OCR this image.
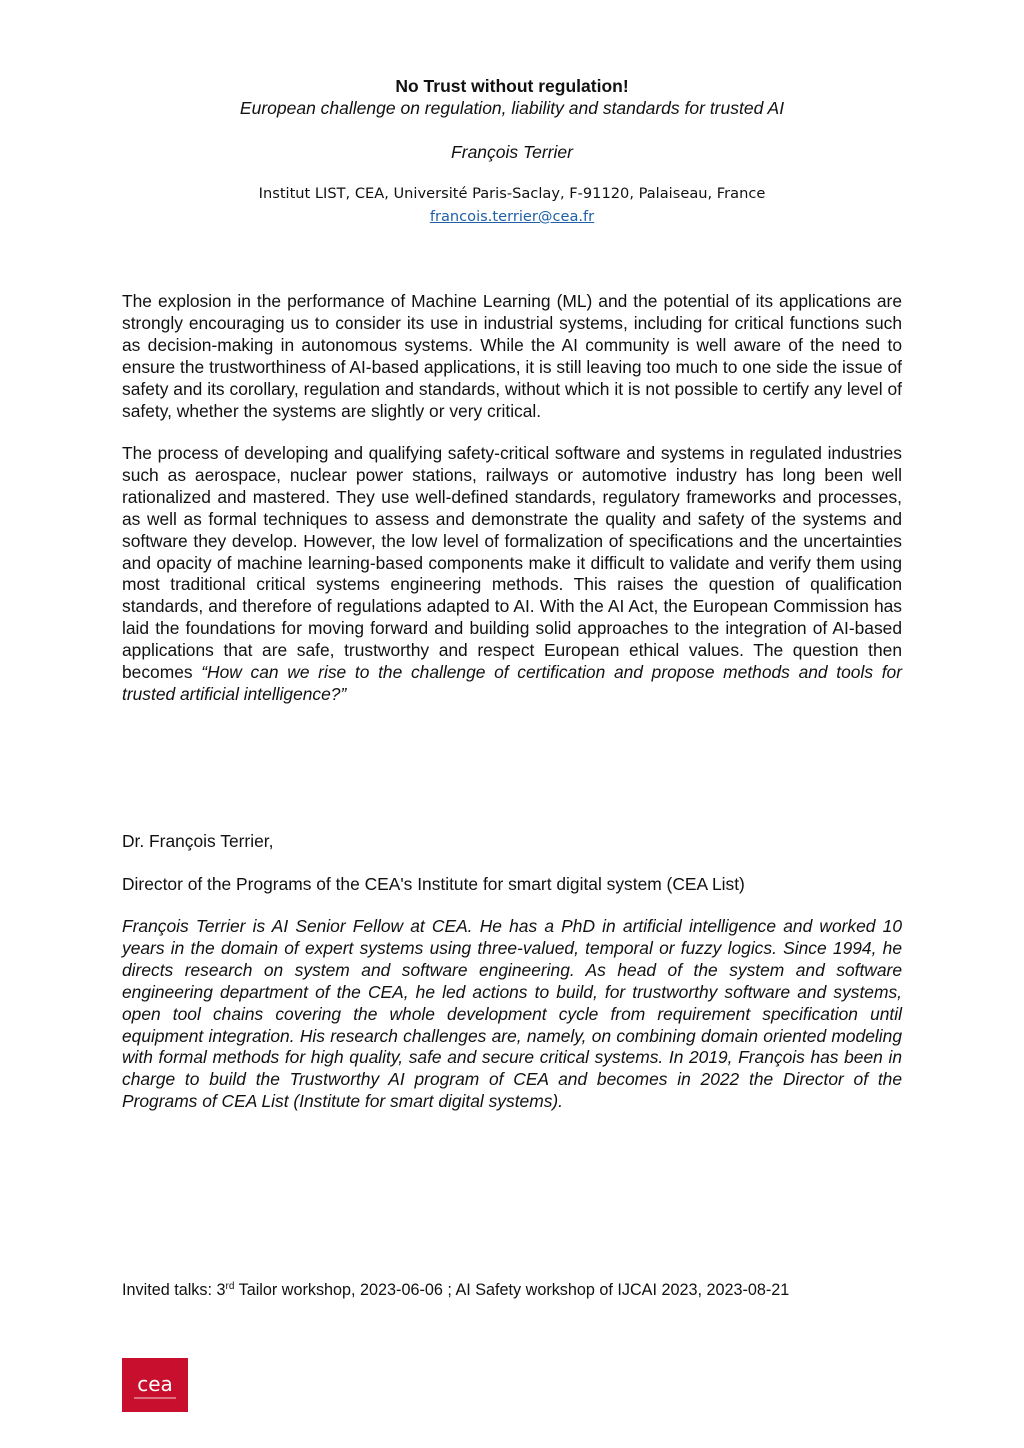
No Trust without regulation!
European challenge on regulation, liability and standards for trusted AI
François Terrier
Institut LIST, CEA, Université Paris-Saclay, F-91120, Palaiseau, France
francois.terrier@cea.fr

The explosion in the performance of Machine Learning (ML) and the potential of its applications are strongly encouraging us to consider its use in industrial systems, including for critical functions such as decision-making in autonomous systems. While the AI community is well aware of the need to ensure the trustworthiness of AI-based applications, it is still leaving too much to one side the issue of safety and its corollary, regulation and standards, without which it is not possible to certify any level of safety, whether the systems are slightly or very critical.

The process of developing and qualifying safety-critical software and systems in regulated industries such as aerospace, nuclear power stations, railways or automotive industry has long been well rationalized and mastered. They use well-defined standards, regulatory frameworks and processes, as well as formal techniques to assess and demonstrate the quality and safety of the systems and software they develop. However, the low level of formalization of specifications and the uncertainties and opacity of machine learning-based components make it difficult to validate and verify them using most traditional critical systems engineering methods. This raises the question of qualification standards, and therefore of regulations adapted to AI. With the AI Act, the European Commission has laid the foundations for moving forward and building solid approaches to the integration of AI-based applications that are safe, trustworthy and respect European ethical values. The question then becomes “How can we rise to the challenge of certification and propose methods and tools for trusted artificial intelligence?”

Dr. François Terrier,

Director of the Programs of the CEA's Institute for smart digital system (CEA List)

François Terrier is AI Senior Fellow at CEA. He has a PhD in artificial intelligence and worked 10 years in the domain of expert systems using three-valued, temporal or fuzzy logics. Since 1994, he directs research on system and software engineering. As head of the system and software engineering department of the CEA, he led actions to build, for trustworthy software and systems, open tool chains covering the whole development cycle from requirement specification until equipment integration. His research challenges are, namely, on combining domain oriented modeling with formal methods for high quality, safe and secure critical systems. In 2019, François has been in charge to build the Trustworthy AI program of CEA and becomes in 2022 the Director of the Programs of CEA List (Institute for smart digital systems).

Invited talks: 3rd Tailor workshop, 2023-06-06 ; AI Safety workshop of IJCAI 2023, 2023-08-21

cea
